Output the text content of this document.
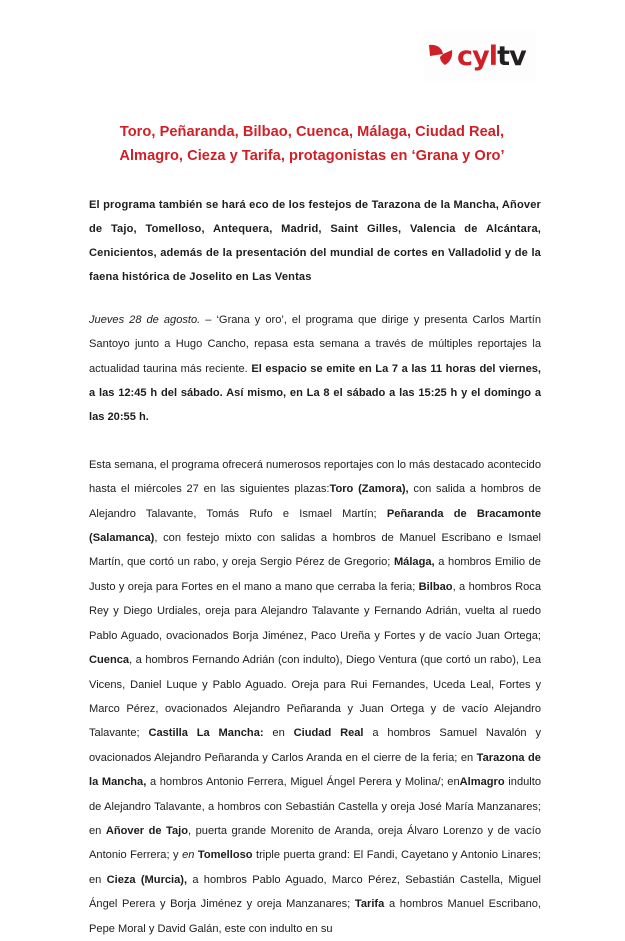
cyltv
Toro, Peñaranda, Bilbao, Cuenca, Málaga, Ciudad Real,
Almagro, Cieza y Tarifa, protagonistas en ‘Grana y Oro’

El programa también se hará eco de los festejos de Tarazona de la Mancha, Añover de Tajo, Tomelloso, Antequera, Madrid, Saint Gilles, Valencia de Alcántara, Cenicientos, además de la presentación del mundial de cortes en Valladolid y de la faena histórica de Joselito en Las Ventas

Jueves 28 de agosto. – ‘Grana y oro’, el programa que dirige y presenta Carlos Martín Santoyo junto a Hugo Cancho, repasa esta semana a través de múltiples reportajes la actualidad taurina más reciente. El espacio se emite en La 7 a las 11 horas del viernes, a las 12:45 h del sábado. Así mismo, en La 8 el sábado a las 15:25 h y el domingo a las 20:55 h.

Esta semana, el programa ofrecerá numerosos reportajes con lo más destacado acontecido hasta el miércoles 27 en las siguientes plazas:Toro (Zamora), con salida a hombros de Alejandro Talavante, Tomás Rufo e Ismael Martín; Peñaranda de Bracamonte (Salamanca), con festejo mixto con salidas a hombros de Manuel Escribano e Ismael Martín, que cortó un rabo, y oreja Sergio Pérez de Gregorio; Málaga, a hombros Emilio de Justo y oreja para Fortes en el mano a mano que cerraba la feria; Bilbao, a hombros Roca Rey y Diego Urdiales, oreja para Alejandro Talavante y Fernando Adrián, vuelta al ruedo Pablo Aguado, ovacionados Borja Jiménez, Paco Ureña y Fortes y de vacío Juan Ortega; Cuenca, a hombros Fernando Adrián (con indulto), Diego Ventura (que cortó un rabo), Lea Vicens, Daniel Luque y Pablo Aguado. Oreja para Rui Fernandes, Uceda Leal, Fortes y Marco Pérez, ovacionados Alejandro Peñaranda y Juan Ortega y de vacío Alejandro Talavante; Castilla La Mancha: en Ciudad Real a hombros Samuel Navalón y ovacionados Alejandro Peñaranda y Carlos Aranda en el cierre de la feria; en Tarazona de la Mancha, a hombros Antonio Ferrera, Miguel Ángel Perera y Molina/; enAlmagro indulto de Alejandro Talavante, a hombros con Sebastián Castella y oreja José María Manzanares; en Añover de Tajo, puerta grande Morenito de Aranda, oreja Álvaro Lorenzo y de vacío Antonio Ferrera; y en Tomelloso triple puerta grand: El Fandi, Cayetano y Antonio Linares; en Cieza (Murcia), a hombros Pablo Aguado, Marco Pérez, Sebastián Castella, Miguel Ángel Perera y Borja Jiménez y oreja Manzanares; Tarifa a hombros Manuel Escribano, Pepe Moral y David Galán, este con indulto en su
